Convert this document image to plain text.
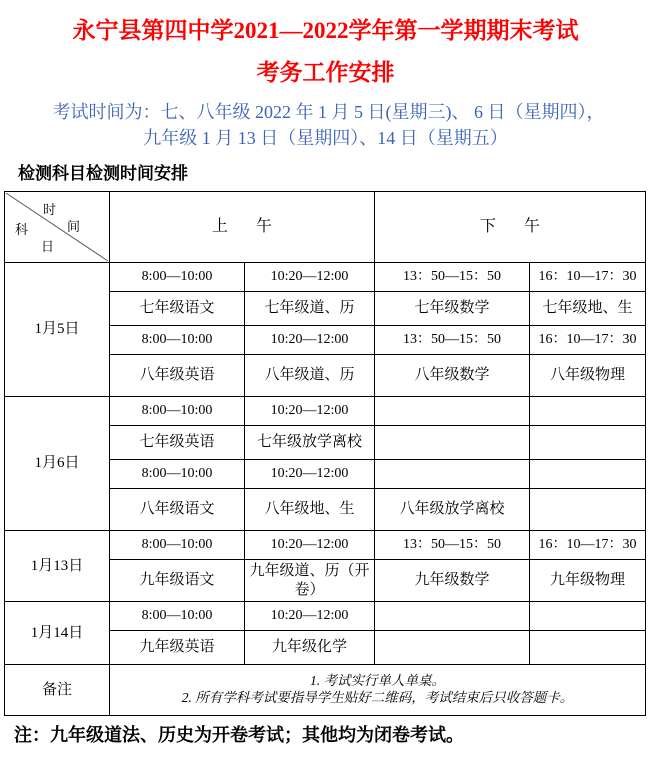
永宁县第四中学2021—2022学年第一学期期末考试
考务工作安排
考试时间为：七、八年级 2022 年 1 月 5 日(星期三)、 6 日（星期四），
九年级 1 月 13 日（星期四）、14 日（星期五）
检测科目检测时间安排
时
间
科
日	上 午		下 午	
1月5日	8:00—10:00	10:20—12:00	13：50—15：50	16：10—17：30
	七年级语文	七年级道、历	七年级数学	七年级地、生
	8:00—10:00	10:20—12:00	13：50—15：50	16：10—17：30
	八年级英语	八年级道、历	八年级数学	八年级物理
1月6日	8:00—10:00	10:20—12:00		
	七年级英语	七年级放学离校		
	8:00—10:00	10:20—12:00		
	八年级语文	八年级地、生	八年级放学离校	
1月13日	8:00—10:00	10:20—12:00	13：50—15：50	16：10—17：30
	九年级语文	九年级道、历（开卷）	九年级数学	九年级物理
1月14日	8:00—10:00	10:20—12:00		
	九年级英语	九年级化学		
备注	1. 考试实行单人单桌。
2. 所有学科考试要指导学生贴好二维码，考试结束后只收答题卡。			
注：九年级道法、历史为开卷考试；其他均为闭卷考试。
